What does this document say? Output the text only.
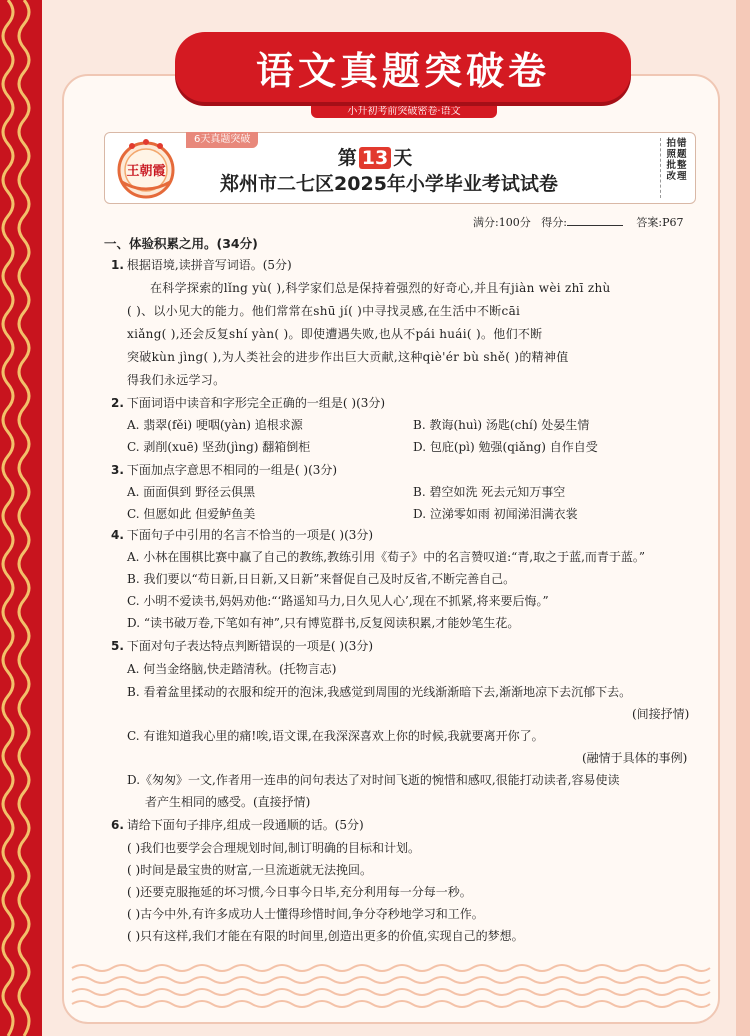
语文真题突破卷
小升初考前突破密卷·语文
6天真题突破
王朝霞
第 13 天
郑州市二七区2025年小学毕业考试试卷
拍 错
照 题
批 整
改 理
满分:100分 得分:	答案:P67
一、体验积累之用。(34分)
1. 根据语境,读拼音写词语。(5分)
在科学探索的lǐng yù( ),科学家们总是保持着强烈的好奇心,并且有jiàn wèi zhī zhù
( )、以小见大的能力。他们常常在shū jí( )中寻找灵感,在生活中不断cāi
xiǎng( ),还会反复shí yàn( )。即使遭遇失败,也从不pái huái( )。他们不断
突破kùn jìng( ),为人类社会的进步作出巨大贡献,这种qiè'ér bù shě( )的精神值
得我们永远学习。
2. 下面词语中读音和字形完全正确的一组是( )(3分)
A. 翡翠(fěi) 哽咽(yàn) 追根求源	B. 教诲(huì) 汤匙(chí) 处晏生情
C. 剥削(xuē) 坚劲(jìng) 翻箱倒柜	D. 包庇(pì) 勉强(qiǎng) 自作自受
3. 下面加点字意思不相同的一组是( )(3分)
A. 面面俱到 野径云俱黑	B. 碧空如洗 死去元知万事空
C. 但愿如此 但爱鲈鱼美	D. 泣涕零如雨 初闻涕泪满衣裳
4. 下面句子中引用的名言不恰当的一项是( )(3分)
A. 小林在围棋比赛中赢了自己的教练,教练引用《荀子》中的名言赞叹道:“青,取之于蓝,而青于蓝。”
B. 我们要以“苟日新,日日新,又日新”来督促自己及时反省,不断完善自己。
C. 小明不爱读书,妈妈劝他:“‘路遥知马力,日久见人心’,现在不抓紧,将来要后悔。”
D. “读书破万卷,下笔如有神”,只有博览群书,反复阅读积累,才能妙笔生花。
5. 下面对句子表达特点判断错误的一项是( )(3分)
A. 何当金络脑,快走踏清秋。(托物言志)
B. 看着盆里揉动的衣服和绽开的泡沫,我感觉到周围的光线渐渐暗下去,渐渐地凉下去沉郁下去。
(间接抒情)
C. 有谁知道我心里的痛!唉,语文课,在我深深喜欢上你的时候,我就要离开你了。
(融情于具体的事例)
D.《匆匆》一文,作者用一连串的问句表达了对时间飞逝的惋惜和感叹,很能打动读者,容易使读
者产生相同的感受。(直接抒情)
6. 请给下面句子排序,组成一段通顺的话。(5分)
( )我们也要学会合理规划时间,制订明确的目标和计划。
( )时间是最宝贵的财富,一旦流逝就无法挽回。
( )还要克服拖延的坏习惯,今日事今日毕,充分利用每一分每一秒。
( )古今中外,有许多成功人士懂得珍惜时间,争分夺秒地学习和工作。
( )只有这样,我们才能在有限的时间里,创造出更多的价值,实现自己的梦想。
